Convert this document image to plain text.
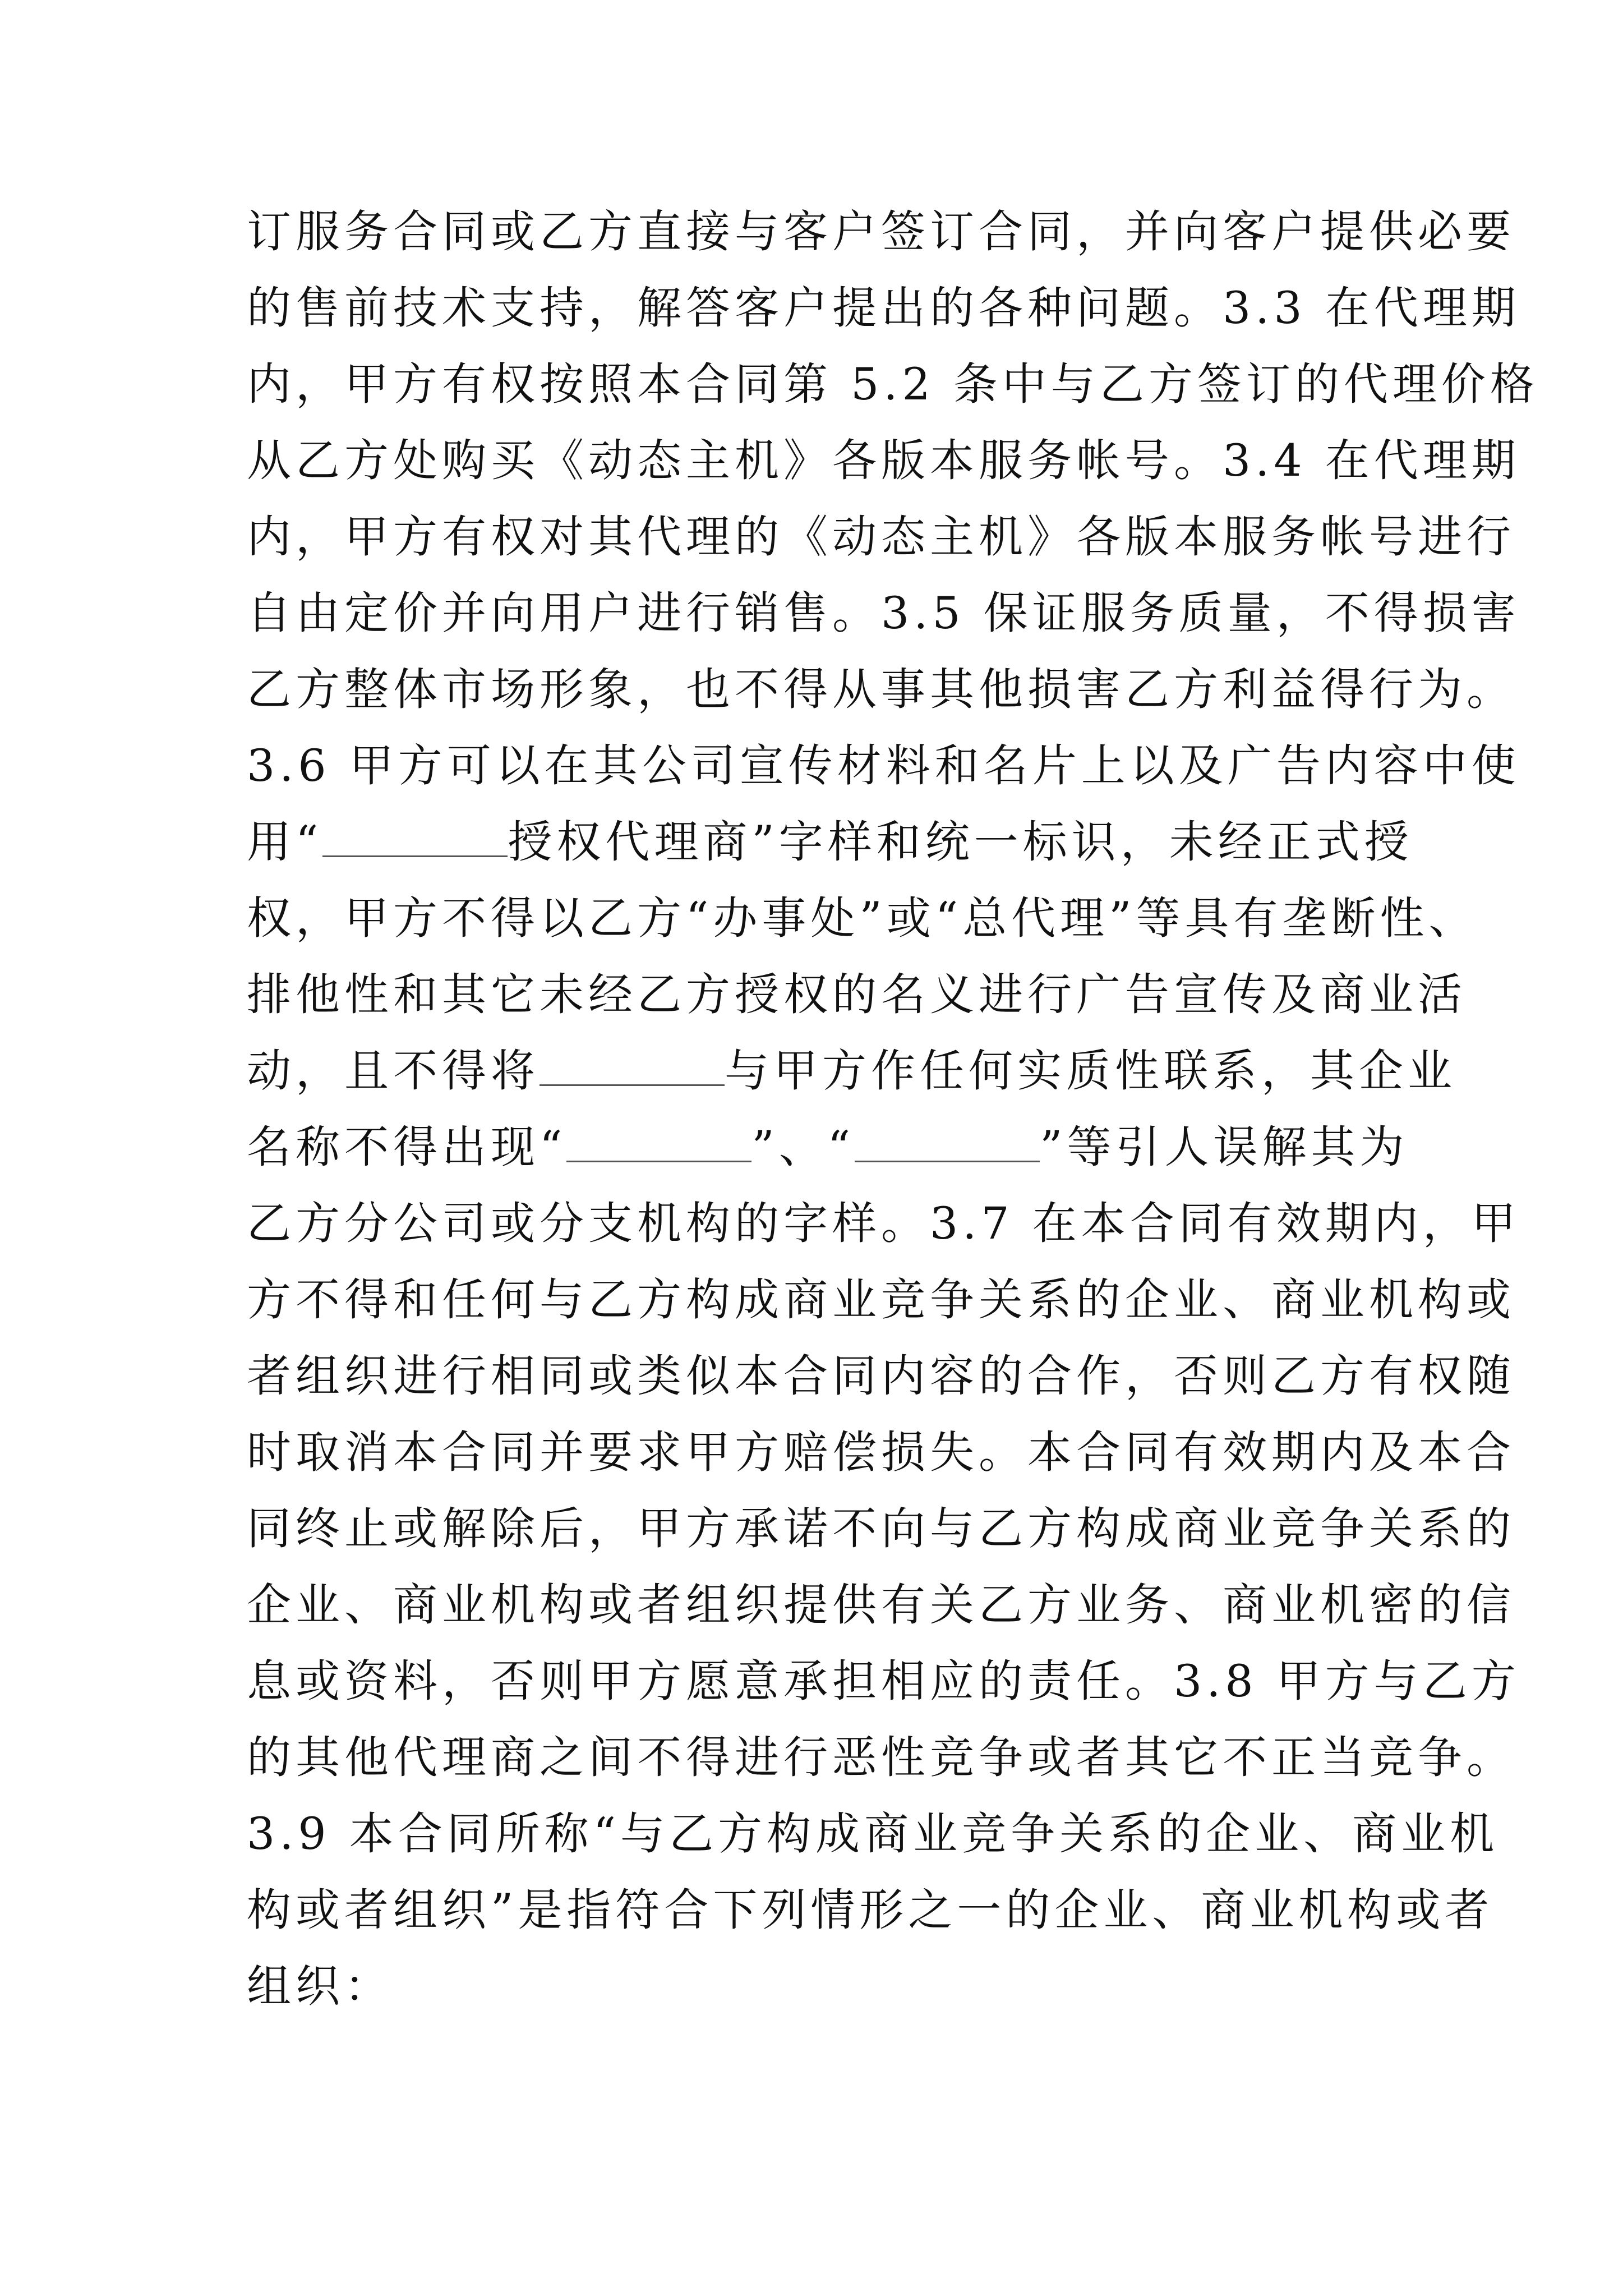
订服务合同或乙方直接与客户签订合同，并向客户提供必要
的售前技术支持，解答客户提出的各种问题。3.3 在代理期
内，甲方有权按照本合同第 5.2 条中与乙方签订的代理价格
从乙方处购买《动态主机》各版本服务帐号。3.4 在代理期
内，甲方有权对其代理的《动态主机》各版本服务帐号进行
自由定价并向用户进行销售。3.5 保证服务质量，不得损害
乙方整体市场形象，也不得从事其他损害乙方利益得行为。
3.6 甲方可以在其公司宣传材料和名片上以及广告内容中使
用“	授权代理商”字样和统一标识，未经正式授
权，甲方不得以乙方“办事处”或“总代理”等具有垄断性、
排他性和其它未经乙方授权的名义进行广告宣传及商业活
动，且不得将	与甲方作任何实质性联系，其企业
名称不得出现“	”、“	”等引人误解其为
乙方分公司或分支机构的字样。3.7 在本合同有效期内，甲
方不得和任何与乙方构成商业竞争关系的企业、商业机构或
者组织进行相同或类似本合同内容的合作，否则乙方有权随
时取消本合同并要求甲方赔偿损失。本合同有效期内及本合
同终止或解除后，甲方承诺不向与乙方构成商业竞争关系的
企业、商业机构或者组织提供有关乙方业务、商业机密的信
息或资料，否则甲方愿意承担相应的责任。3.8 甲方与乙方
的其他代理商之间不得进行恶性竞争或者其它不正当竞争。
3.9 本合同所称“与乙方构成商业竞争关系的企业、商业机
构或者组织”是指符合下列情形之一的企业、商业机构或者
组织：
